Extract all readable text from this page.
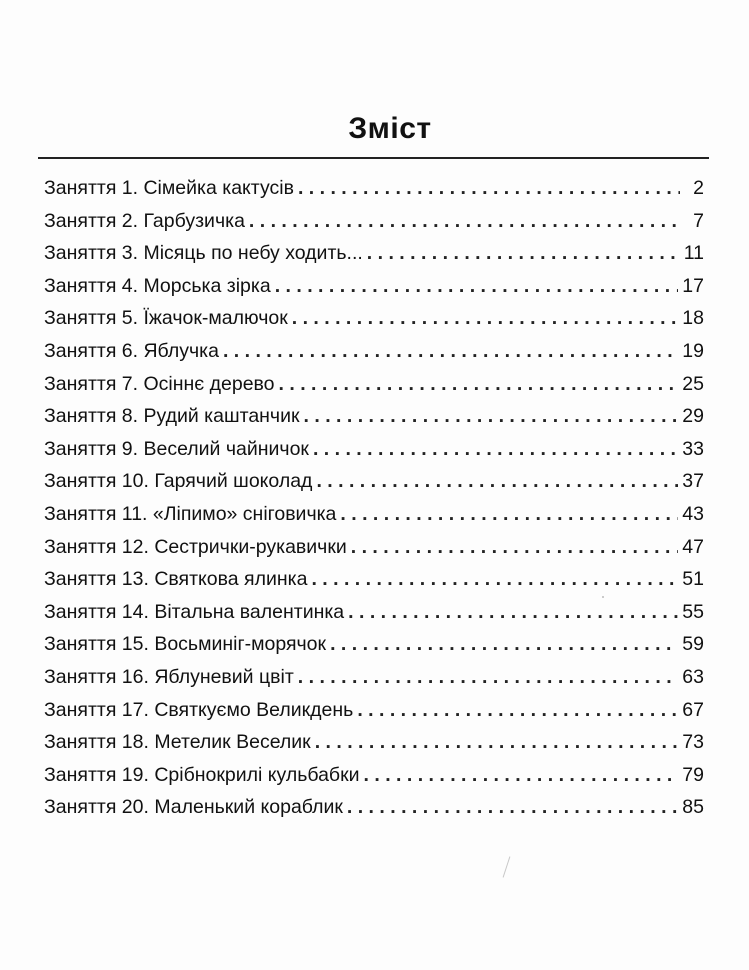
Зміст
Заняття 1. Сімейка кактусів . . .	2
Заняття 2. Гарбузичка . . .	7
Заняття 3. Місяць по небу ходить... . . .	11
Заняття 4. Морська зірка . . .	17
Заняття 5. Їжачок-малючок . . .	18
Заняття 6. Яблучка . . .	19
Заняття 7. Осіннє дерево . . .	25
Заняття 8. Рудий каштанчик . . .	29
Заняття 9. Веселий чайничок . . .	33
Заняття 10. Гарячий шоколад . . .	37
Заняття 11. «Ліпимо» сніговичка . . .	43
Заняття 12. Сестрички-рукавички . . .	47
Заняття 13. Святкова ялинка . . .	51
Заняття 14. Вітальна валентинка . . .	55
Заняття 15. Восьминіг-морячок . . .	59
Заняття 16. Яблуневий цвіт . . .	63
Заняття 17. Святкуємо Великдень . . .	67
Заняття 18. Метелик Веселик . . .	73
Заняття 19. Срібнокрилі кульбабки . . .	79
Заняття 20. Маленький кораблик . . .	85
